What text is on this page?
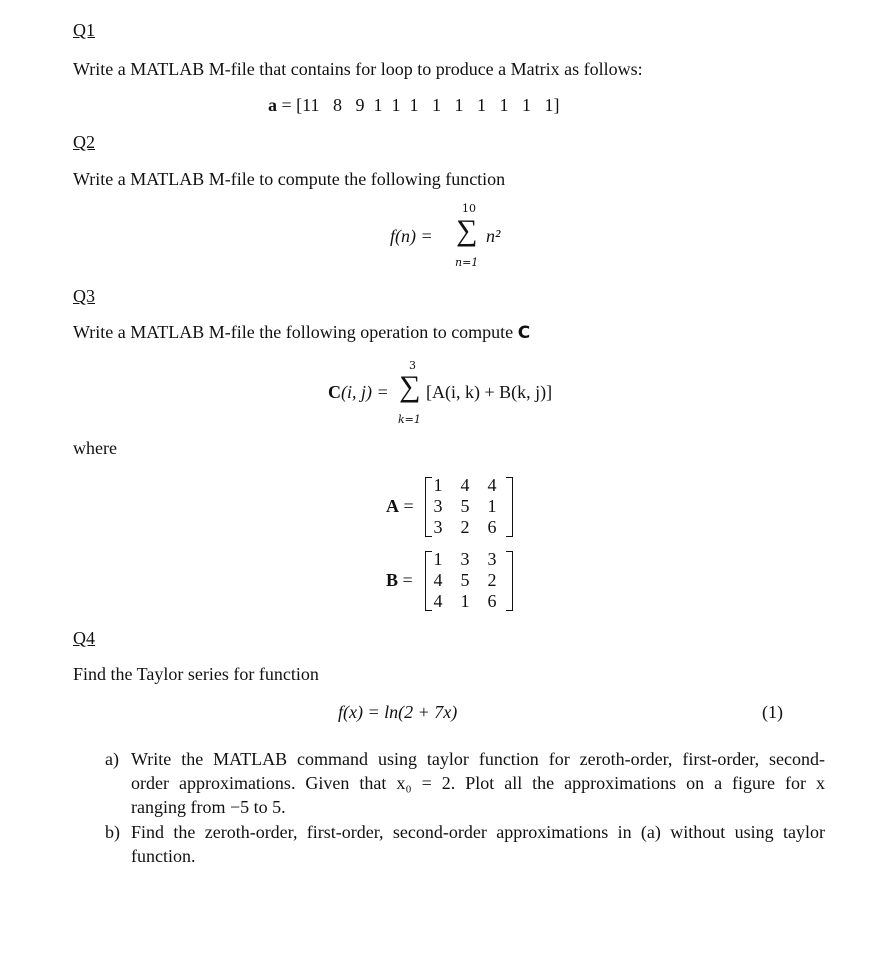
Q1
Write a MATLAB M-file that contains for loop to produce a Matrix as follows:
a = [11   8   9  1  1  1   1   1   1   1   1   1]
Q2
Write a MATLAB M-file to compute the following function
f(n) =
10
∑
n=1
n²
Q3
Write a MATLAB M-file the following operation to compute C
C(i, j) =
3
∑
k=1
[A(i, k) + B(k, j)]
where
A =
1	4	4
3	5	1
3	2	6
B =
1	3	3
4	5	2
4	1	6
Q4
Find the Taylor series for function
f(x) = ln(2 + 7x)	(1)
a) Write the MATLAB command using taylor function for zeroth-order, first-order, second-
order approximations. Given that x₀ = 2. Plot all the approximations on a figure for x
ranging from −5 to 5.
b) Find the zeroth-order, first-order, second-order approximations in (a) without using taylor
function.
